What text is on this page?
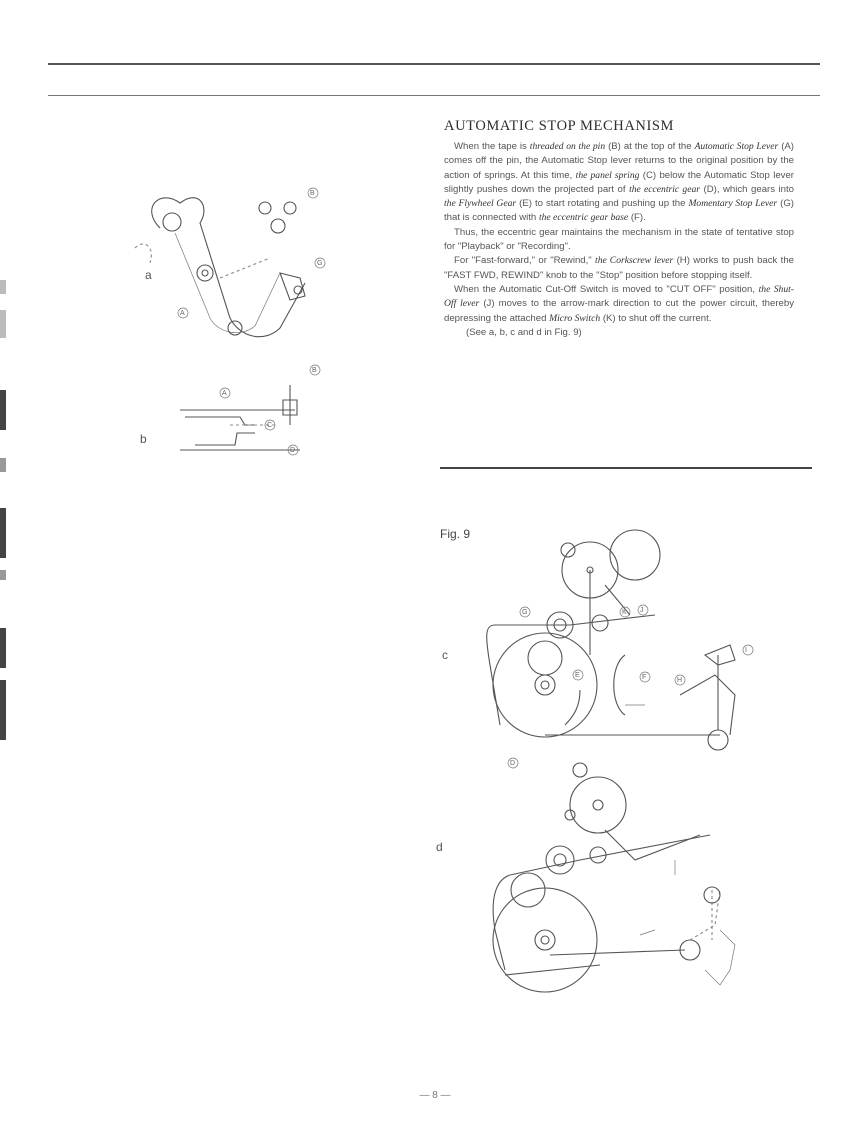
AUTOMATIC STOP MECHANISM

When the tape is threaded on the pin (B) at the top of the Automatic Stop Lever (A) comes off the pin, the Automatic Stop lever returns to the original position by the action of springs. At this time, the panel spring (C) below the Automatic Stop lever slightly pushes down the projected part of the eccentric gear (D), which gears into the Flywheel Gear (E) to start rotating and pushing up the Momentary Stop Lever (G) that is connected with the eccentric gear base (F).

Thus, the eccentric gear maintains the mechanism in the state of tentative stop for "Playback" or "Recording".

For "Fast-forward," or "Rewind," the Corkscrew lever (H) works to push back the "FAST FWD, REWIND" knob to the "Stop" position before stopping itself.

When the Automatic Cut-Off Switch is moved to "CUT OFF" position, the Shut-Off lever (J) moves to the arrow-mark direction to cut the power circuit, thereby depressing the attached Micro Switch (K) to shut off the current.

(See a, b, c and d in Fig. 9)

a
A
B
G
b
A
B
C
D
Fig. 9
c
K J
G
E	F	H
I
D
d
— 8 —
